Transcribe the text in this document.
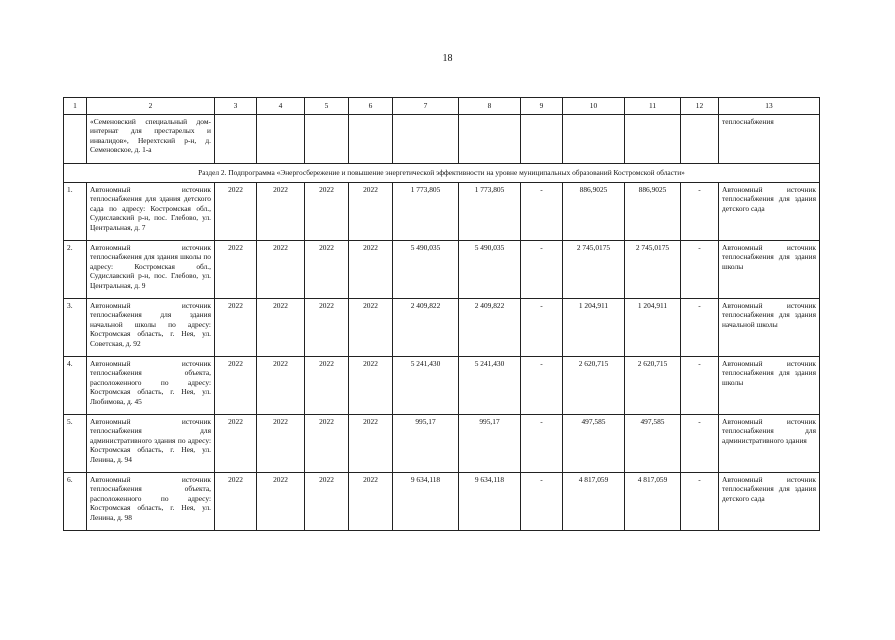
18
1	2	3	4	5	6	7	8	9	10	11	12	13
	«Семеновский специальный дом-интернат для престарелых и инвалидов», Нерехтский р-н, д. Семеновское, д. 1-а											теплоснабжения
Раздел 2. Подпрограмма «Энергосбережение и повышение энергетической эффективности на уровне муниципальных образований Костромской области»												
1.	Автономный источник теплоснабжения для здания детского сада по адресу: Костромская обл., Судиславский р-н, пос. Глебово, ул. Центральная, д. 7	2022	2022	2022	2022	1 773,805	1 773,805	-	886,9025	886,9025	-	Автономный источник теплоснабжения для здания детского сада
2.	Автономный источник теплоснабжения для здания школы по адресу: Костромская обл., Судиславский р-н, пос. Глебово, ул. Центральная, д. 9	2022	2022	2022	2022	5 490,035	5 490,035	-	2 745,0175	2 745,0175	-	Автономный источник теплоснабжения для здания школы
3.	Автономный источник теплоснабжения для здания начальной школы по адресу: Костромская область, г. Нея, ул. Советская, д. 92	2022	2022	2022	2022	2 409,822	2 409,822	-	1 204,911	1 204,911	-	Автономный источник теплоснабжения для здания начальной школы
4.	Автономный источник теплоснабжения объекта, расположенного по адресу: Костромская область, г. Нея, ул. Любимова, д. 45	2022	2022	2022	2022	5 241,430	5 241,430	-	2 620,715	2 620,715	-	Автономный источник теплоснабжения для здания школы
5.	Автономный источник теплоснабжения для административного здания по адресу: Костромская область, г. Нея, ул. Ленина, д. 94	2022	2022	2022	2022	995,17	995,17	-	497,585	497,585	-	Автономный источник теплоснабжения для административного здания
6.	Автономный источник теплоснабжения объекта, расположенного по адресу: Костромская область, г. Нея, ул. Ленина, д. 98	2022	2022	2022	2022	9 634,118	9 634,118	-	4 817,059	4 817,059	-	Автономный источник теплоснабжения для здания детского сада
